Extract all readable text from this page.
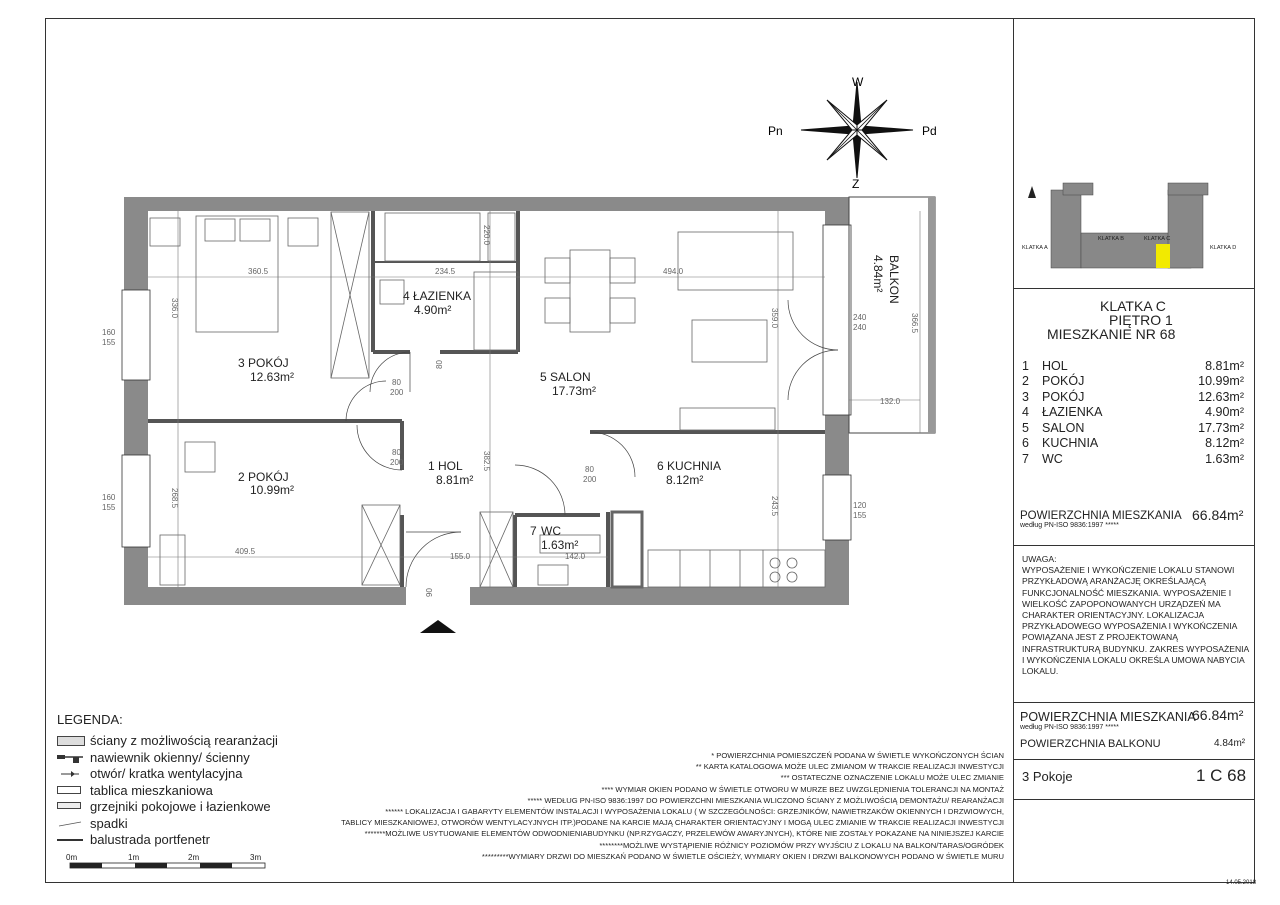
W
Z
Pn	Pd
3 POKÓJ
12.63m²
4 ŁAZIENKA
4.90m²
5 SALON
17.73m²
2 POKÓJ
10.99m²
1 HOL
8.81m²
6 KUCHNIA
8.12m²
7 WC
1.63m²
BALKON
4.84m²
360.5	234.5	494.0
409.5
155.0	142.0
132.0
336.0
268.5
382.5
359.0	366.5
243.5
220.0
160
155
160
155
240
240
120
155
80
200
80
200
80
200
90
80
KLATKA A
KLATKA B	KLATKA C
KLATKA D
KLATKA C
PIĘTRO 1
MIESZKANIE NR 68
1	HOL	8.81m²
2	POKÓJ	10.99m²
3	POKÓJ	12.63m²
4	ŁAZIENKA	4.90m²
5	SALON	17.73m²
6	KUCHNIA	8.12m²
7	WC	1.63m²
POWIERZCHNIA MIESZKANIA
według PN-ISO 9836:1997 *****
66.84m²
UWAGA:
WYPOSAŻENIE I WYKOŃCZENIE LOKALU STANOWI
PRZYKŁADOWĄ ARANŻACJĘ OKREŚLAJĄCĄ
FUNKCJONALNOŚĆ MIESZKANIA. WYPOSAŻENIE I
WIELKOŚĆ ZAPOPONOWANYCH URZĄDZEŃ MA
CHARAKTER ORIENTACYJNY. LOKALIZACJA
PRZYKŁADOWEGO WYPOSAŻENIA I WYKOŃCZENIA
POWIĄZANA JEST Z PROJEKTOWANĄ
INFRASTRUKTURĄ BUDYNKU. ZAKRES WYPOSAŻENIA
I WYKOŃCZENIA LOKALU OKREŚLA UMOWA NABYCIA
LOKALU.
POWIERZCHNIA MIESZKANIA
według PN-ISO 9836:1997 *****
66.84m²
POWIERZCHNIA BALKONU	4.84m²
3 Pokoje	1 C 68
14.05.2018
LEGENDA:
ściany z możliwością rearanżacji
nawiewnik okienny/ ścienny
otwór/ kratka wentylacyjna
tablica mieszkaniowa
grzejniki pokojowe i łazienkowe
spadki
balustrada portfenetr
0m	1m	2m	3m
* POWIERZCHNIA POMIESZCZEŃ PODANA W ŚWIETLE WYKOŃCZONYCH ŚCIAN
** KARTA KATALOGOWA MOŻE ULEC ZMIANOM W TRAKCIE REALIZACJI INWESTYCJI
*** OSTATECZNE OZNACZENIE LOKALU MOŻE ULEC ZMIANIE
**** WYMIAR OKIEN PODANO W ŚWIETLE OTWORU W MURZE BEZ UWZGLĘDNIENIA TOLERANCJI NA MONTAŻ
***** WEDŁUG PN-ISO 9836:1997 DO POWIERZCHNI MIESZKANIA WLICZONO ŚCIANY Z MOŻLIWOŚCIĄ DEMONTAŻU/ REARANŻACJI
****** LOKALIZACJA I GABARYTY ELEMENTÓW INSTALACJI I WYPOSAŻENIA LOKALU ( W SZCZEGÓLNOŚCI: GRZEJNIKÓW, NAWIETRZAKÓW OKIENNYCH I DRZWIOWYCH,
TABLICY MIESZKANIOWEJ, OTWORÓW WENTYLACYJNYCH ITP.)PODANE NA KARCIE MAJĄ CHARAKTER ORIENTACYJNY I MOGĄ ULEC ZMIANIE W TRAKCIE REALIZACJI INWESTYCJI
*******MOŻLIWE USYTUOWANIE ELEMENTÓW ODWODNIENIABUDYNKU (NP.RZYGACZY, PRZELEWÓW AWARYJNYCH), KTÓRE NIE ZOSTAŁY POKAZANE NA NINIEJSZEJ KARCIE
********MOŻLIWE WYSTĄPIENIE RÓŻNICY POZIOMÓW PRZY WYJŚCIU Z LOKALU NA BALKON/TARAS/OGRÓDEK
*********WYMIARY DRZWI DO MIESZKAŃ PODANO W ŚWIETLE OŚCIEŻY, WYMIARY OKIEN I DRZWI BALKONOWYCH PODANO W ŚWIETLE MURU
